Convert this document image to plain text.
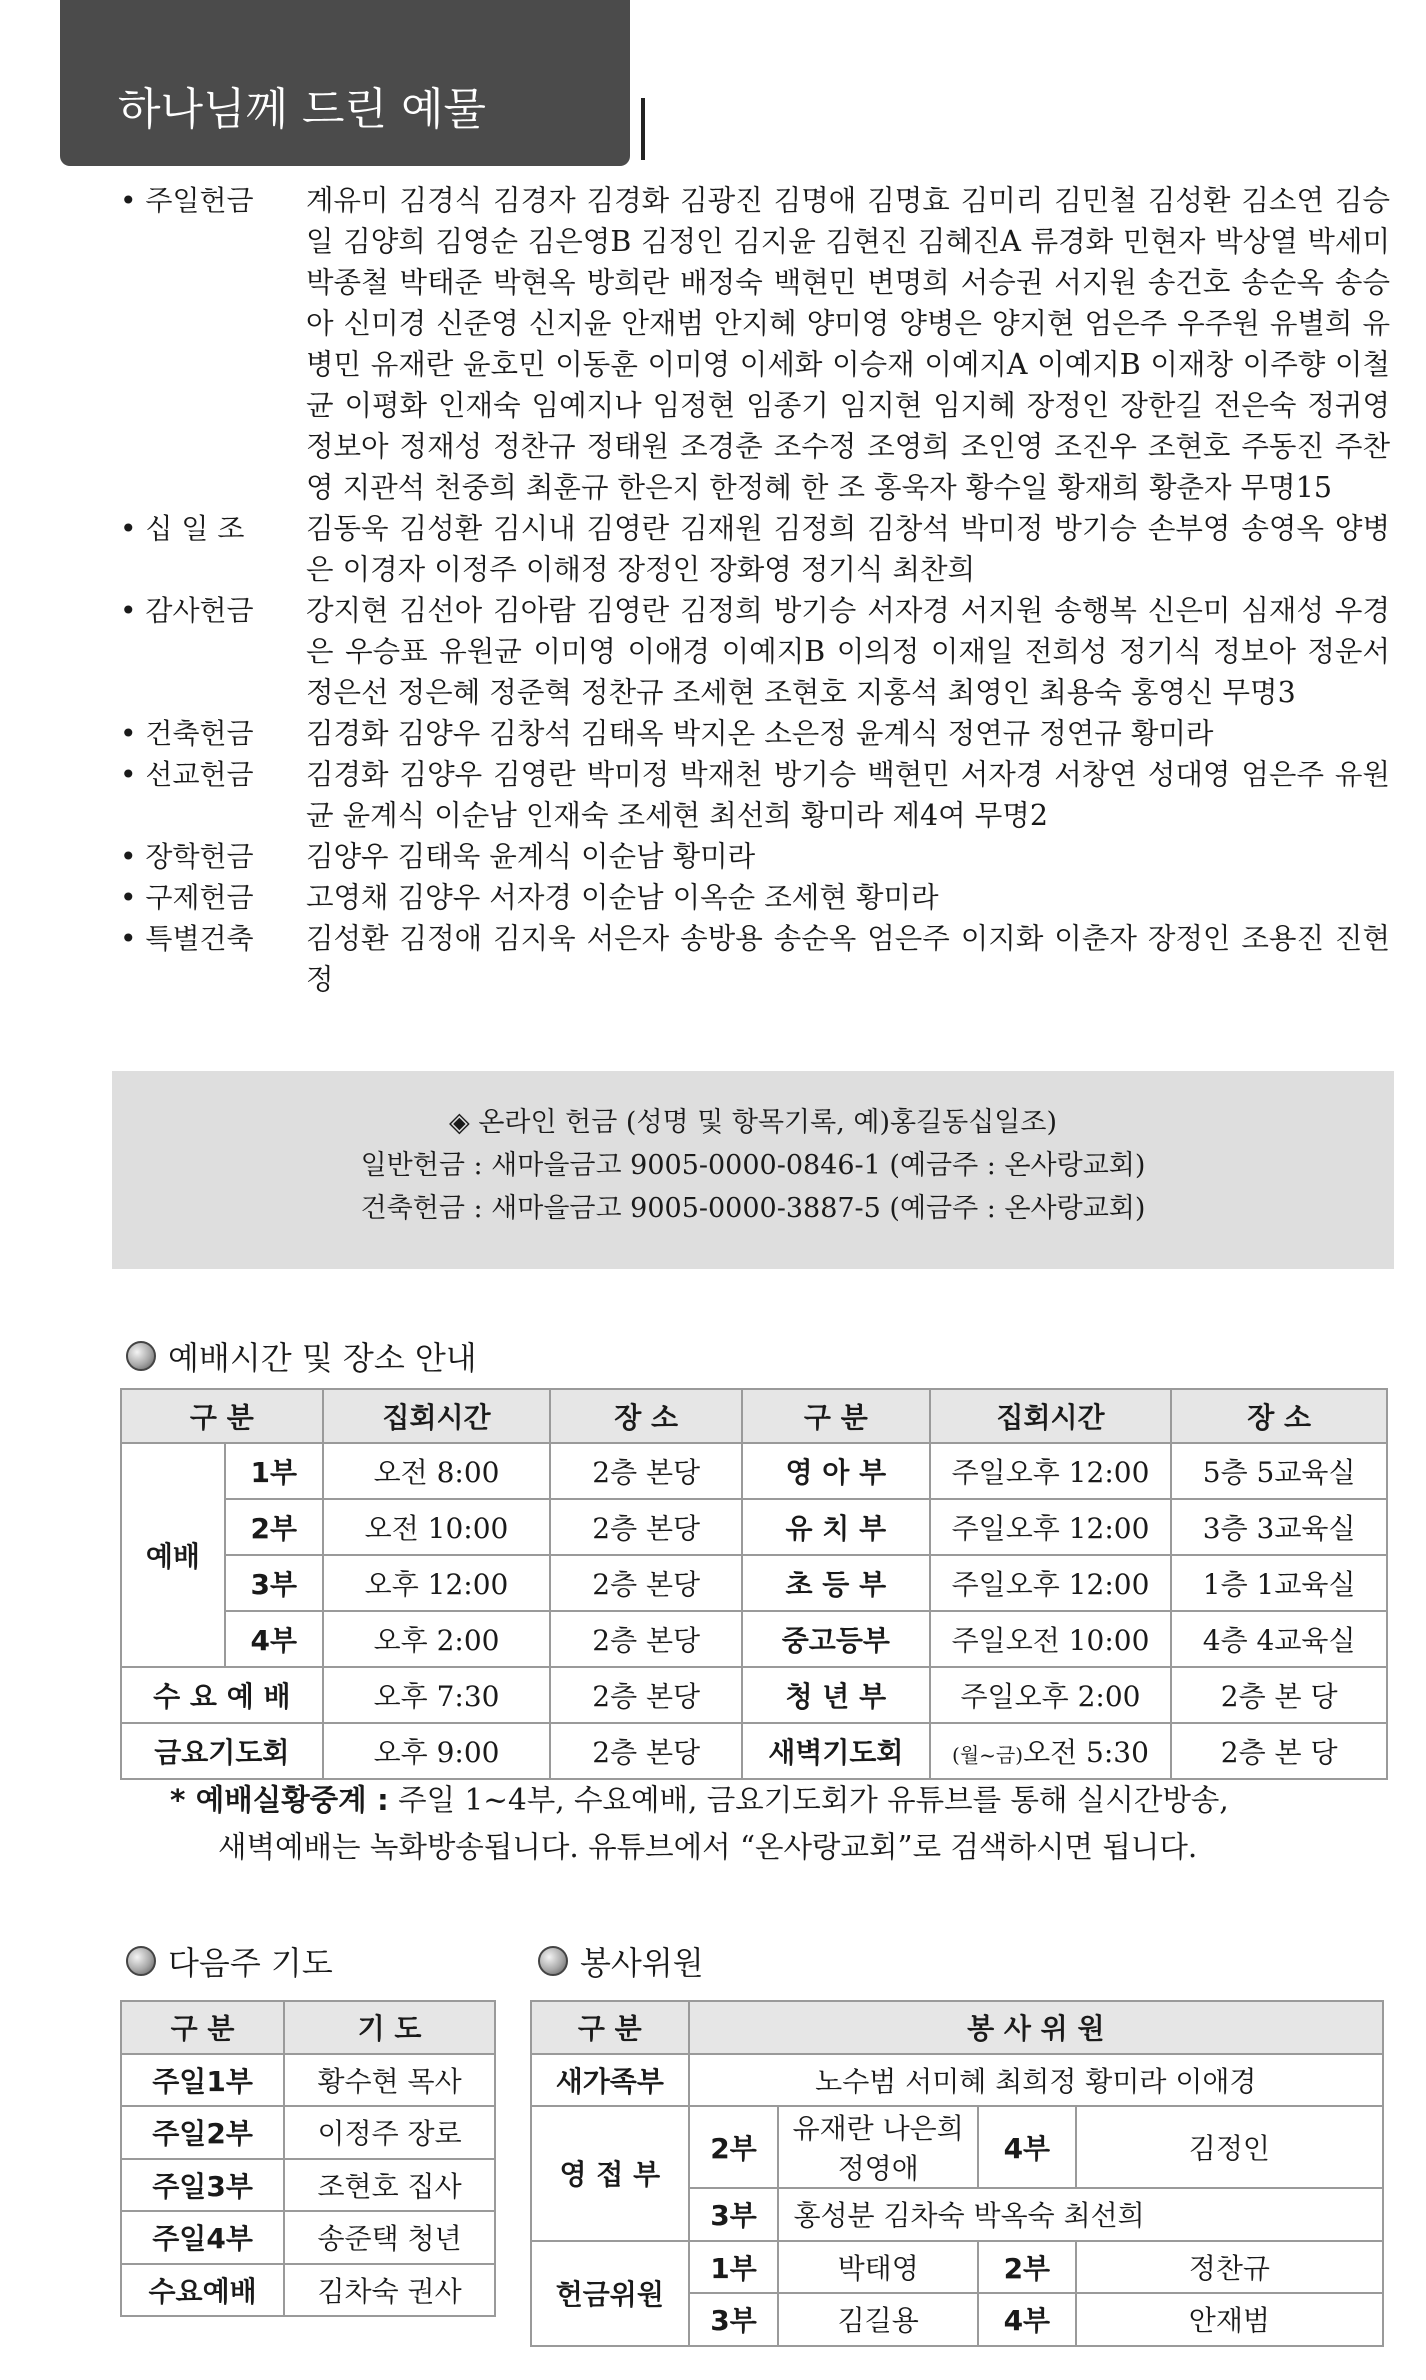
하나님께 드린 예물
• 주일헌금	계유미 김경식 김경자 김경화 김광진 김명애 김명효 김미리 김민철 김성환 김소연 김승일 김양희 김영순 김은영B 김정인 김지윤 김현진 김혜진A 류경화 민현자 박상열 박세미 박종철 박태준 박현옥 방희란 배정숙 백현민 변명희 서승권 서지원 송건호 송순옥 송승아 신미경 신준영 신지윤 안재범 안지혜 양미영 양병은 양지현 엄은주 우주원 유별희 유병민 유재란 윤호민 이동훈 이미영 이세화 이승재 이예지A 이예지B 이재창 이주향 이철균 이평화 인재숙 임예지나 임정현 임종기 임지현 임지혜 장정인 장한길 전은숙 정귀영 정보아 정재성 정찬규 정태원 조경춘 조수정 조영희 조인영 조진우 조현호 주동진 주찬영 지관석 천중희 최훈규 한은지 한정혜 한 조 홍욱자 황수일 황재희 황춘자 무명15
• 십 일 조	김동욱 김성환 김시내 김영란 김재원 김정희 김창석 박미정 방기승 손부영 송영옥 양병은 이경자 이정주 이해정 장정인 장화영 정기식 최찬희
• 감사헌금	강지현 김선아 김아람 김영란 김정희 방기승 서자경 서지원 송행복 신은미 심재성 우경은 우승표 유원균 이미영 이애경 이예지B 이의정 이재일 전희성 정기식 정보아 정운서 정은선 정은혜 정준혁 정찬규 조세현 조현호 지홍석 최영인 최용숙 홍영신 무명3
• 건축헌금	김경화 김양우 김창석 김태옥 박지온 소은정 윤계식 정연규 정연규 황미라
• 선교헌금	김경화 김양우 김영란 박미정 박재천 방기승 백현민 서자경 서창연 성대영 엄은주 유원균 윤계식 이순남 인재숙 조세현 최선희 황미라 제4여 무명2
• 장학헌금	김양우 김태욱 윤계식 이순남 황미라
• 구제헌금	고영채 김양우 서자경 이순남 이옥순 조세현 황미라
• 특별건축	김성환 김정애 김지욱 서은자 송방용 송순옥 엄은주 이지화 이춘자 장정인 조용진 진현정
◈ 온라인 헌금 (성명 및 항목기록, 예)홍길동십일조)
일반헌금 : 새마을금고 9005-0000-0846-1 (예금주 : 온사랑교회)
건축헌금 : 새마을금고 9005-0000-3887-5 (예금주 : 온사랑교회)
예배시간 및 장소 안내
구 분		집회시간	장 소	구 분	집회시간	장 소
예배	1부	오전 8:00	2층 본당	영 아 부	주일오후 12:00	5층 5교육실
	2부	오전 10:00	2층 본당	유 치 부	주일오후 12:00	3층 3교육실
	3부	오후 12:00	2층 본당	초 등 부	주일오후 12:00	1층 1교육실
	4부	오후 2:00	2층 본당	중고등부	주일오전 10:00	4층 4교육실
수 요 예 배		오후 7:30	2층 본당	청 년 부	주일오후 2:00	2층 본 당
금요기도회		오후 9:00	2층 본당	새벽기도회	(월~금)오전 5:30	2층 본 당
* 예배실황중계 : 주일 1~4부, 수요예배, 금요기도회가 유튜브를 통해 실시간방송,
새벽예배는 녹화방송됩니다. 유튜브에서 “온사랑교회”로 검색하시면 됩니다.
다음주 기도
구 분	기 도
주일1부	황수현 목사
주일2부	이정주 장로
주일3부	조현호 집사
주일4부	송준택 청년
수요예배	김차숙 권사
봉사위원
구 분	봉 사 위 원			
새가족부	노수범 서미혜 최희정 황미라 이애경			
영 접 부	2부	유재란 나은희 정영애	4부	김정인
	3부	홍성분 김차숙 박옥숙 최선희		
헌금위원	1부	박태영	2부	정찬규
	3부	김길용	4부	안재범
